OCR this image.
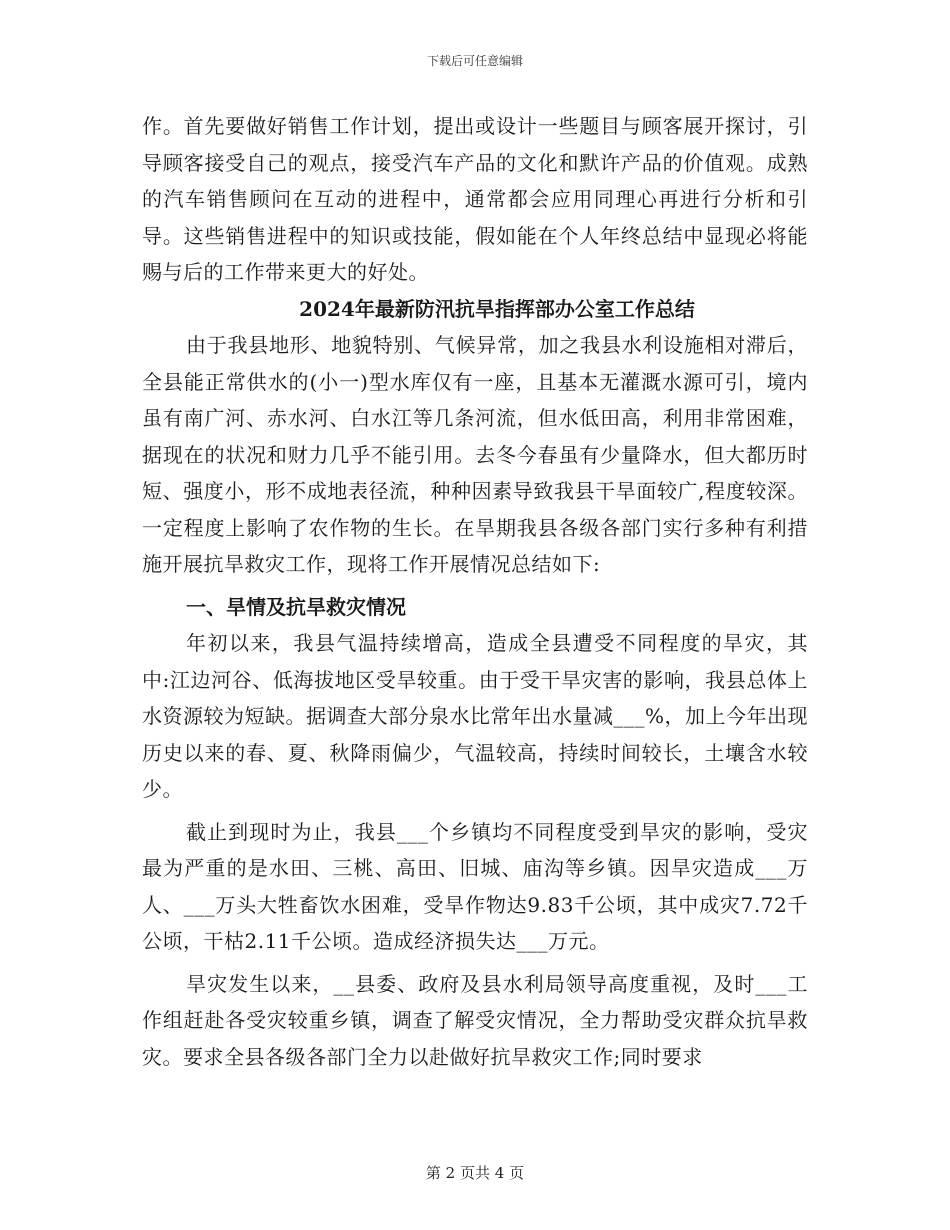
下载后可任意编辑

作。首先要做好销售工作计划，提出或设计一些题目与顾客展开探讨，引导顾客接受自己的观点，接受汽车产品的文化和默许产品的价值观。成熟的汽车销售顾问在互动的进程中，通常都会应用同理心再进行分析和引导。这些销售进程中的知识或技能，假如能在个人年终总结中显现必将能赐与后的工作带来更大的好处。

2024年最新防汛抗旱指挥部办公室工作总结

由于我县地形、地貌特别、气候异常，加之我县水利设施相对滞后，全县能正常供水的(小一)型水库仅有一座，且基本无灌溉水源可引，境内虽有南广河、赤水河、白水江等几条河流，但水低田高，利用非常困难，据现在的状况和财力几乎不能引用。去冬今春虽有少量降水，但大都历时短、强度小，形不成地表径流，种种因素导致我县干旱面较广,程度较深。一定程度上影响了农作物的生长。在旱期我县各级各部门实行多种有利措施开展抗旱救灾工作，现将工作开展情况总结如下:

一、旱情及抗旱救灾情况

年初以来，我县气温持续增高，造成全县遭受不同程度的旱灾，其中:江边河谷、低海拔地区受旱较重。由于受干旱灾害的影响，我县总体上水资源较为短缺。据调查大部分泉水比常年出水量减___%，加上今年出现历史以来的春、夏、秋降雨偏少，气温较高，持续时间较长，土壤含水较少。

截止到现时为止，我县___个乡镇均不同程度受到旱灾的影响，受灾最为严重的是水田、三桃、高田、旧城、庙沟等乡镇。因旱灾造成___万人、___万头大牲畜饮水困难，受旱作物达9.83千公顷，其中成灾7.72千公顷，干枯2.11千公顷。造成经济损失达___万元。

旱灾发生以来，__县委、政府及县水利局领导高度重视，及时___工作组赶赴各受灾较重乡镇，调查了解受灾情况，全力帮助受灾群众抗旱救灾。要求全县各级各部门全力以赴做好抗旱救灾工作;同时要求

第 2 页共 4 页
